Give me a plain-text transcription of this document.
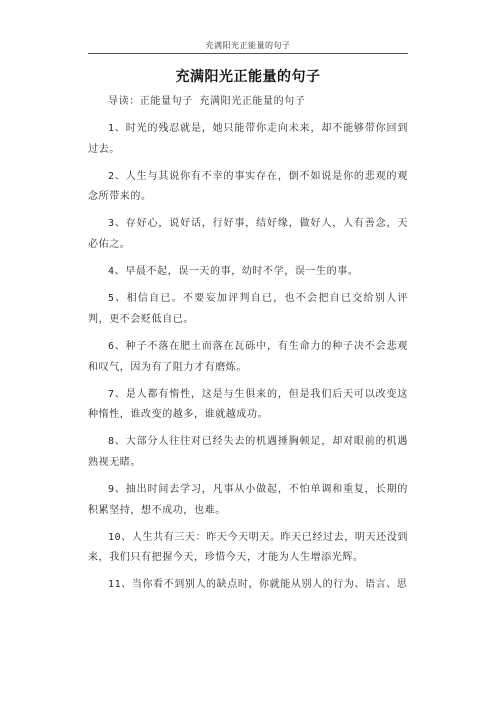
充满阳光正能量的句子
充满阳光正能量的句子

导读：正能量句子 充满阳光正能量的句子

1、时光的残忍就是，她只能带你走向未来，却不能够带你回到过去。

2、人生与其说你有不幸的事实存在，倒不如说是你的悲观的观念所带来的。

3、存好心，说好话，行好事，结好缘，做好人，人有善念，天必佑之。

4、早晨不起，误一天的事，幼时不学，误一生的事。

5、相信自已。不要妄加评判自已，也不会把自已交给别人评判，更不会贬低自已。

6、种子不落在肥土而落在瓦砾中，有生命力的种子决不会悲观和叹气，因为有了阻力才有磨炼。

7、是人都有惰性，这是与生俱来的，但是我们后天可以改变这种惰性，谁改变的越多，谁就越成功。

8、大部分人往往对已经失去的机遇捶胸顿足，却对眼前的机遇熟视无睹。

9、抽出时间去学习，凡事从小做起，不怕单调和重复，长期的积累坚持，想不成功，也难。

10、人生共有三天：昨天今天明天。昨天已经过去，明天还没到来，我们只有把握今天，珍惜今天，才能为人生增添光辉。

11、当你看不到别人的缺点时，你就能从别人的行为、语言、思
